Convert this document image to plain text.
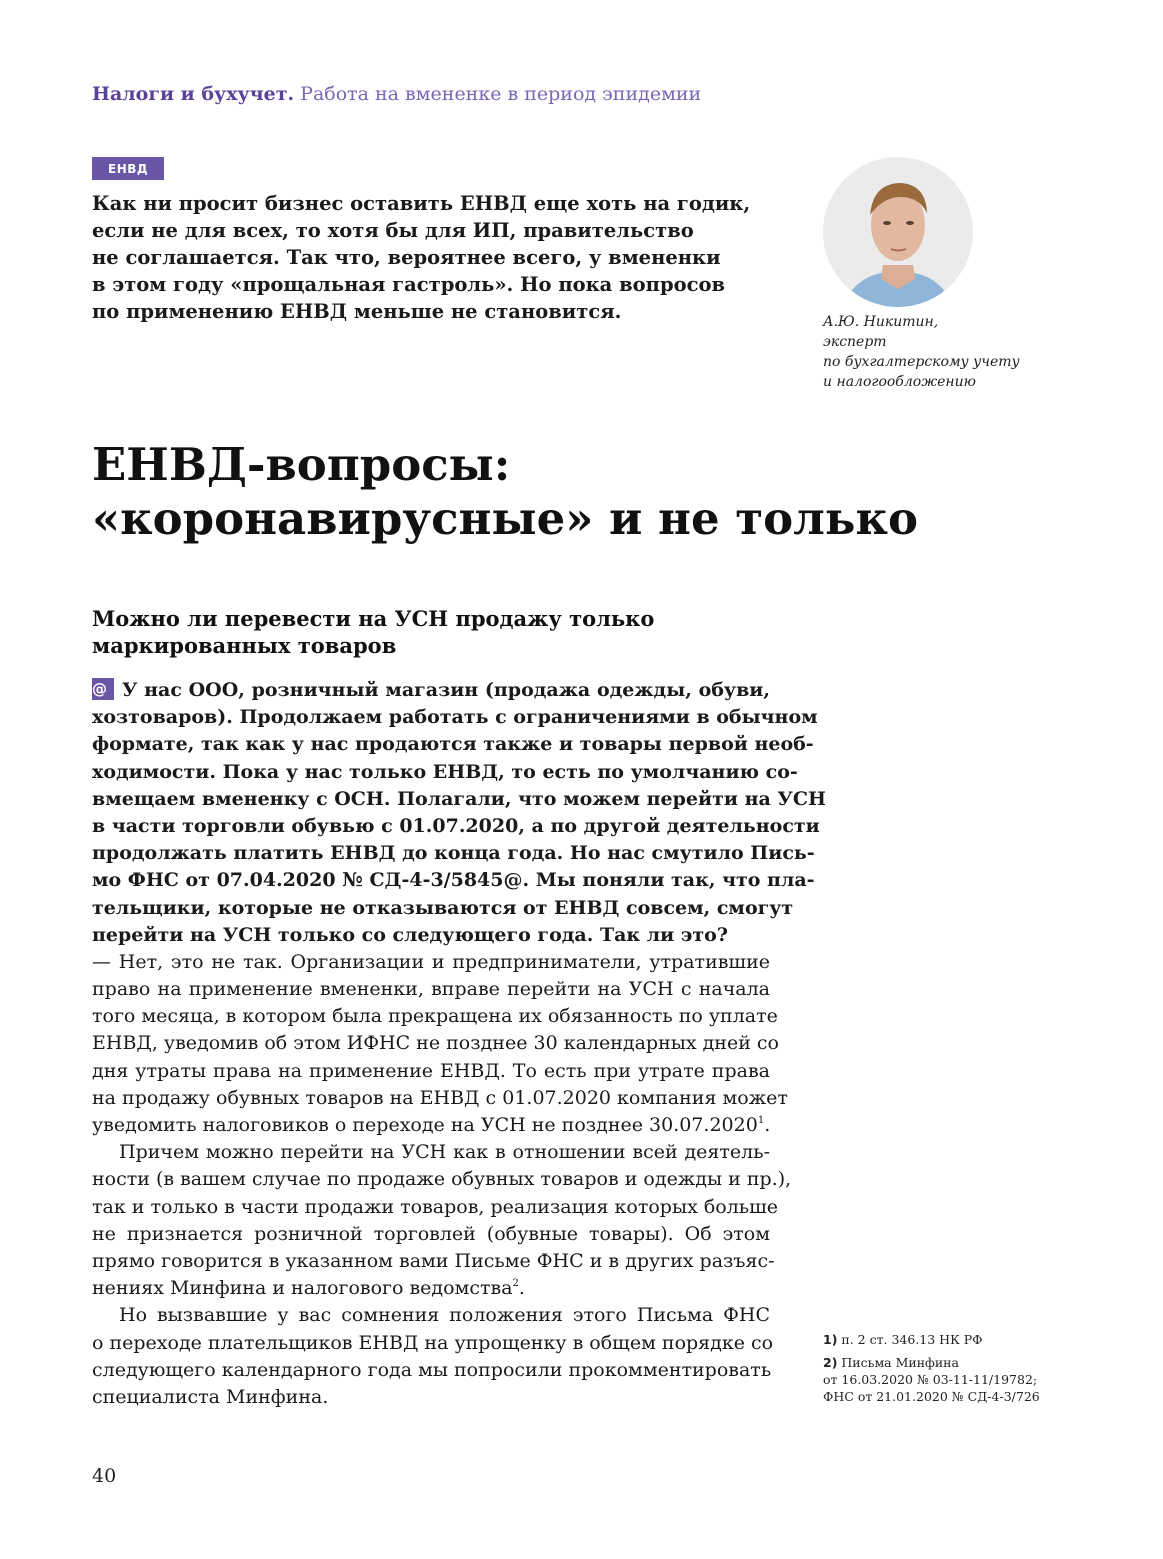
Налоги и бухучет. Работа на вмененке в период эпидемии
ЕНВД
Как ни просит бизнес оставить ЕНВД еще хоть на годик,
если не для всех, то хотя бы для ИП, правительство
не соглашается. Так что, вероятнее всего, у вмененки
в этом году «прощальная гастроль». Но пока вопросов
по применению ЕНВД меньше не становится.	А.Ю. Никитин,
эксперт
по бухгалтерскому учету
и налогообложению
ЕНВД-вопросы:
«коронавирусные» и не только
Можно ли перевести на УСН продажу только
маркированных товаров
@ У нас ООО, розничный магазин (продажа одежды, обуви,
хозтоваров). Продолжаем работать с ограничениями в обычном
формате, так как у нас продаются также и товары первой необ-
ходимости. Пока у нас только ЕНВД, то есть по умолчанию со-
вмещаем вмененку с ОСН. Полагали, что можем перейти на УСН
в части торговли обувью с 01.07.2020, а по другой деятельности
продолжать платить ЕНВД до конца года. Но нас смутило Пись-
мо ФНС от 07.04.2020 № СД-4-3/5845@. Мы поняли так, что пла-
тельщики, которые не отказываются от ЕНВД совсем, смогут
перейти на УСН только со следующего года. Так ли это?
— Нет, это не так. Организации и предприниматели, утратившие
право на применение вмененки, вправе перейти на УСН с начала
того месяца, в котором была прекращена их обязанность по уплате
ЕНВД, уведомив об этом ИФНС не позднее 30 календарных дней со
дня утраты права на применение ЕНВД. То есть при утрате права
на продажу обувных товаров на ЕНВД с 01.07.2020 компания может
уведомить налоговиков о переходе на УСН не позднее 30.07.2020$^1$.
Причем можно перейти на УСН как в отношении всей деятель-
ности (в вашем случае по продаже обувных товаров и одежды и пр.),
так и только в части продажи товаров, реализация которых больше
не признается розничной торговлей (обувные товары). Об этом
прямо говорится в указанном вами Письме ФНС и в других разъяс-
нениях Минфина и налогового ведомства$^2$.
Но вызвавшие у вас сомнения положения этого Письма ФНС
о переходе плательщиков ЕНВД на упрощенку в общем порядке со
следующего календарного года мы попросили прокомментировать
специалиста Минфина.
1) п. 2 ст. 346.13 НК РФ
2) Письма Минфина
от 16.03.2020 № 03-11-11/19782;
ФНС от 21.01.2020 № СД-4-3/726
40
